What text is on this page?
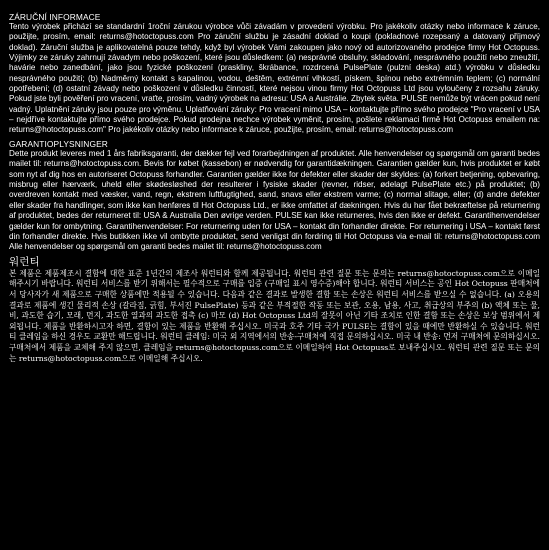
ZÁRUČNÍ INFORMACE

Tento výrobek přichází se standardní 1roční zárukou výrobce vůči závadám v provedení výrobku. Pro jakékoliv otázky nebo informace k záruce, použijte, prosím, email: returns@hotoctopuss.com Pro záruční službu je zásadní doklad o koupi (pokladnové rozepsaný a datovaný příjmový doklad). Záruční služba je aplikovatelná pouze tehdy, když byl výrobek Vámi zakoupen jako nový od autorizovaného prodejce firmy Hot Octopuss. Výjimky ze záruky zahrnují závadym nebo poškození, které jsou důsledkem: (a) nesprávné obsluhy, skladování, nesprávného použití nebo zneužití, havárie nebo zanedbání, jako jsou fyzické poškození (praskliny, škrábance, rozdrcená PulsePlate (pulzní deska) atd.) výrobku v důsledku nesprávného použití; (b) Nadměrný kontakt s kapalinou, vodou, deštěm, extrémní vlhkostí, pískem, špínou nebo extrémním teplem; (c) normální opotřebení; (d) ostatní závady nebo poškození v důsledku činností, které nejsou vinou firmy Hot Octopuss Ltd jsou vyloučeny z rozsahu záruky. Pokud jste byli pověření pro vracení, vraťte, prosím, vadný výrobek na adresu: USA a Austrálie. Zbytek světa. PULSE nemůže být vrácen pokud není vadný. Uplatnění záruky jsou pouze pro výměnu. Uplatňování záruky: Pro vracení mimo USA – kontaktujte přímo svého prodejce "Pro vracení v USA – nejdříve kontaktujte přímo svého prodejce. Pokud prodejna nechce výrobek vyměnit, prosím, pošlete reklamaci firmě Hot Octopuss emailem na: returns@hotoctopuss.com" Pro jakékoliv otázky nebo informace k záruce, použijte, prosím, email: returns@hotoctopuss.com

GARANTIOPLYSNINGER

Dette produkt leveres med 1 års fabriksgaranti, der dækker fejl ved forarbejdningen af produktet. Alle henvendelser og spørgsmål om garanti bedes mailet til: returns@hotoctopuss.com. Bevis for købet (kassebon) er nødvendig for garantidækningen. Garantien gælder kun, hvis produktet er købt som nyt af dig hos en autoriseret Octopuss forhandler. Garantien gælder ikke for defekter eller skader der skyldes: (a) forkert betjening, opbevaring, misbrug eller hærværk, uheld eller skødesløshed der resulterer i fysiske skader (revner, ridser, ødelagt PulsePlate etc.) på produktet; (b) overdreven kontakt med væsker, vand, regn, ekstrem luftfugtighed, sand, snavs eller ekstrem varme; (c) normal slitage, eller; (d) andre defekter eller skader fra handlinger, som ikke kan henføres til Hot Octopuss Ltd., er ikke omfattet af dækningen. Hvis du har fået bekræftelse på returnering af produktet, bedes der returneret til: USA & Australia Den øvrige verden. PULSE kan ikke returneres, hvis den ikke er defekt. Garantihenvendelser gælder kun for ombytning. Garantihenvendelser: For returnering uden for USA – kontakt din forhandler direkte. For returnering i USA – kontakt først din forhandler direkte. Hvis butikken ikke vil ombytte produktet, send venligst din fordring til Hot Octopuss via e-mail til: returns@hotoctopuss.com Alle henvendelser og spørgsmål om garanti bedes mailet til: returns@hotoctopuss.com

워런티

본 제품은 제품제조시 결함에 대한 표준 1년간의 제조사 워런티와 함께 제공됩니다. 워런티 관련 질문 또는 문의는 returns@hotoctopuss.com으로 이메일 해주시기 바랍니다. 워런티 서비스를 받기 위해서는 필수적으로 구매를 입증 (구매일 표시 영수증)해야 합니다. 워런티 서비스는 공인 Hot Octopuss 판매처에서 당사자가 새 제품으로 구매한 상품에만 적용될 수 있습니다. 다음과 같은 결과로 발생한 결함 또는 손상은 워런티 서비스를 받으실 수 없습니다. (a) 오용의 결과로 제품에 생긴 물리적 손상 (갈라짐, 긁힘, 부서진 PulsePlate) 등과 같은 부적절한 작동 또는 보관, 오용, 남용, 사고, 취급상의 부주의 (b) 액체 또는 물, 비, 과도한 습기, 모래, 먼지, 과도한 열과의 과도한 접촉 (c) 마모 (d) Hot Octopuss Ltd의 잘못이 아닌 기타 조치로 인한 결함 또는 손상은 보상 범위에서 제외됩니다. 제품을 반환하시고자 하면, 결함이 있는 제품을 반환해 주십시오. 미국과 호주 기타 국가 PULSE는 결함이 있을 때에만 반환하실 수 있습니다. 워런티 클레임을 하신 경우도 교환만 해드립니다. 워런티 클레임: 미국 외 지역에서의 반송-구매처에 직접 문의하십시오. 미국 내 반송: 먼저 구매처에 문의하십시오. 구매처에서 제품을 교체해 주지 않으면, 클레임을 returns@hotoctopuss.com으로 이메일하여 Hot Octopuss로 보내주십시오. 워런티 관련 질문 또는 문의는 returns@hotoctopuss.com으로 이메일해 주십시오.
